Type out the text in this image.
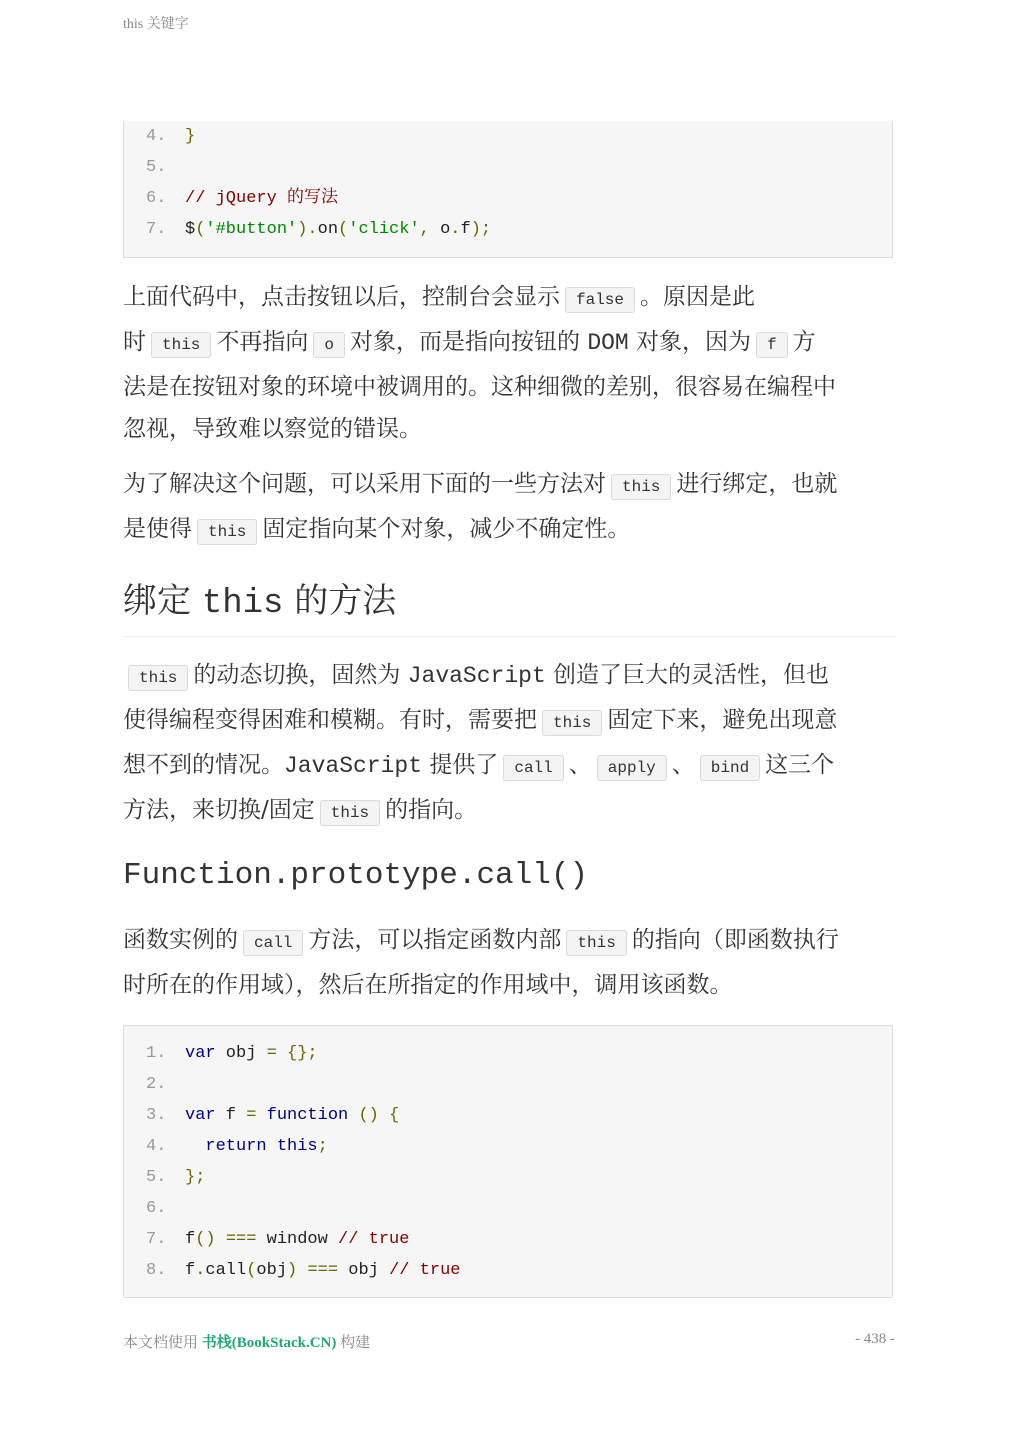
this 关键字
4.	}
5.
6.	// jQuery 的写法
7.	$('#button').on('click', o.f);
上面代码中，点击按钮以后，控制台会显示 false 。原因是此
时 this 不再指向 o 对象，而是指向按钮的 DOM 对象，因为 f 方
法是在按钮对象的环境中被调用的。这种细微的差别，很容易在编程中
忽视，导致难以察觉的错误。
为了解决这个问题，可以采用下面的一些方法对 this 进行绑定，也就
是使得 this 固定指向某个对象，减少不确定性。
绑定 this 的方法
this 的动态切换，固然为 JavaScript 创造了巨大的灵活性，但也
使得编程变得困难和模糊。有时，需要把 this 固定下来，避免出现意
想不到的情况。JavaScript 提供了 call 、 apply 、 bind 这三个
方法，来切换/固定 this 的指向。
Function.prototype.call()
函数实例的 call 方法，可以指定函数内部 this 的指向（即函数执行
时所在的作用域），然后在所指定的作用域中，调用该函数。
1.	var obj = {};
2.
3.	var f = function () {
4.	return this;
5.	};
6.
7.	f() === window // true
8.	f.call(obj) === obj // true
本文档使用 书栈(BookStack.CN) 构建	- 438 -
